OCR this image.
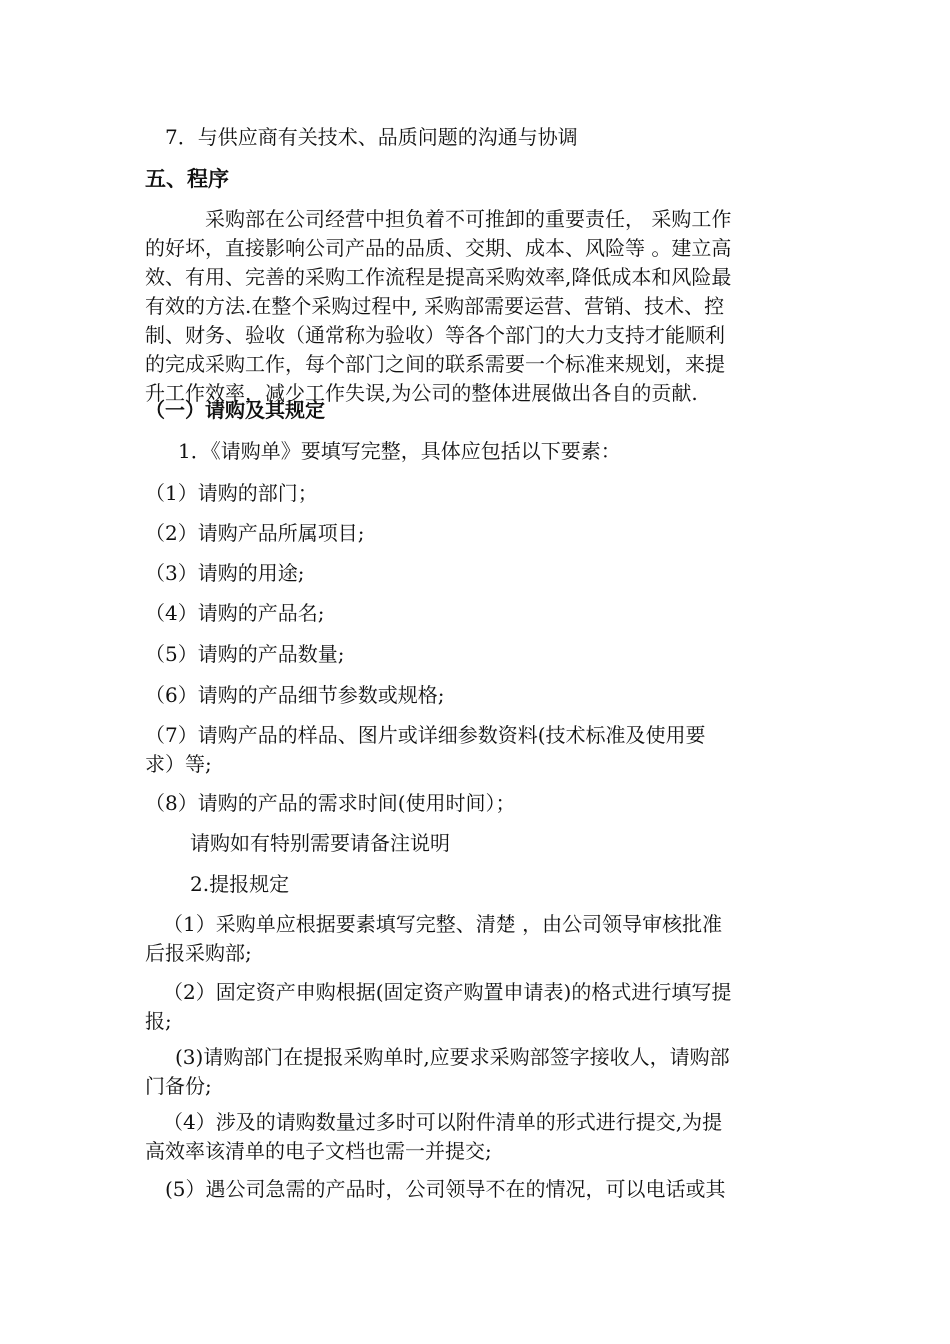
7．与供应商有关技术、品质问题的沟通与协调
五、程序

　　　采购部在公司经营中担负着不可推卸的重要责任， 采购工作

的好坏，直接影响公司产品的品质、交期、成本、风险等 。建立高

效、有用、完善的采购工作流程是提高采购效率,降低成本和风险最

有效的方法.在整个采购过程中, 采购部需要运营、营销、技术、控

制、财务、验收（通常称为验收）等各个部门的大力支持才能顺利

的完成采购工作，每个部门之间的联系需要一个标准来规划，来提

升工作效率，减少工作失误,为公司的整体进展做出各自的贡献.

（一）请购及其规定
1．《请购单》要填写完整，具体应包括以下要素：
（1）请购的部门；
（2）请购产品所属项目;
（3）请购的用途;
（4）请购的产品名;
（5）请购的产品数量;
（6）请购的产品细节参数或规格;

（7）请购产品的样品、图片或详细参数资料(技术标准及使用要

求）等;

（8）请购的产品的需求时间(使用时间）；
请购如有特别需要请备注说明
2.提报规定

（1）采购单应根据要素填写完整、清楚 ，由公司领导审核批准

后报采购部;

（2）固定资产申购根据(固定资产购置申请表)的格式进行填写提

报;

(3)请购部门在提报采购单时,应要求采购部签字接收人，请购部

门备份;

（4）涉及的请购数量过多时可以附件清单的形式进行提交,为提

高效率该清单的电子文档也需一并提交;

(5）遇公司急需的产品时，公司领导不在的情况，可以电话或其
